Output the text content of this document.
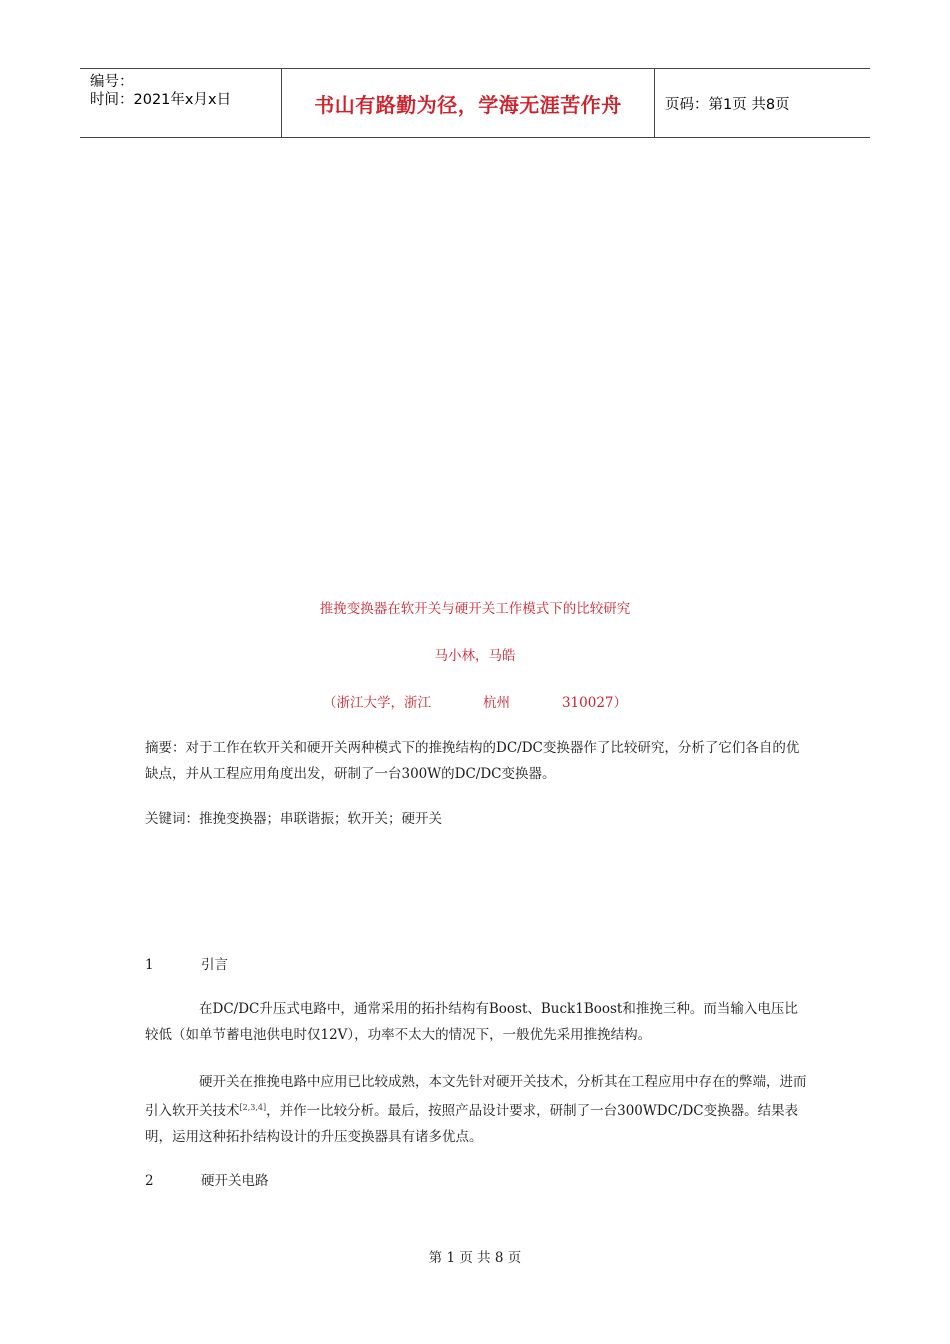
编号：
时间：2021年x月x日	书山有路勤为径，学海无涯苦作舟	页码：第1页 共8页
推挽变换器在软开关与硬开关工作模式下的比较研究
马小林，马皓
（浙江大学，浙江	杭州	310027）
摘要：对于工作在软开关和硬开关两种模式下的推挽结构的DC/DC变换器作了比较研究，分析了它们各自的优缺点，并从工程应用角度出发，研制了一台300W的DC/DC变换器。
关键词：推挽变换器；串联谐振；软开关；硬开关
1	引言
在DC/DC升压式电路中，通常采用的拓扑结构有Boost、Buck1Boost和推挽三种。而当输入电压比较低（如单节蓄电池供电时仅12V），功率不太大的情况下，一般优先采用推挽结构。
硬开关在推挽电路中应用已比较成熟，本文先针对硬开关技术，分析其在工程应用中存在的弊端，进而引入软开关技术[2,3,4]，并作一比较分析。最后，按照产品设计要求，研制了一台300WDC/DC变换器。结果表明，运用这种拓扑结构设计的升压变换器具有诸多优点。
2	硬开关电路
第 1 页 共 8 页
